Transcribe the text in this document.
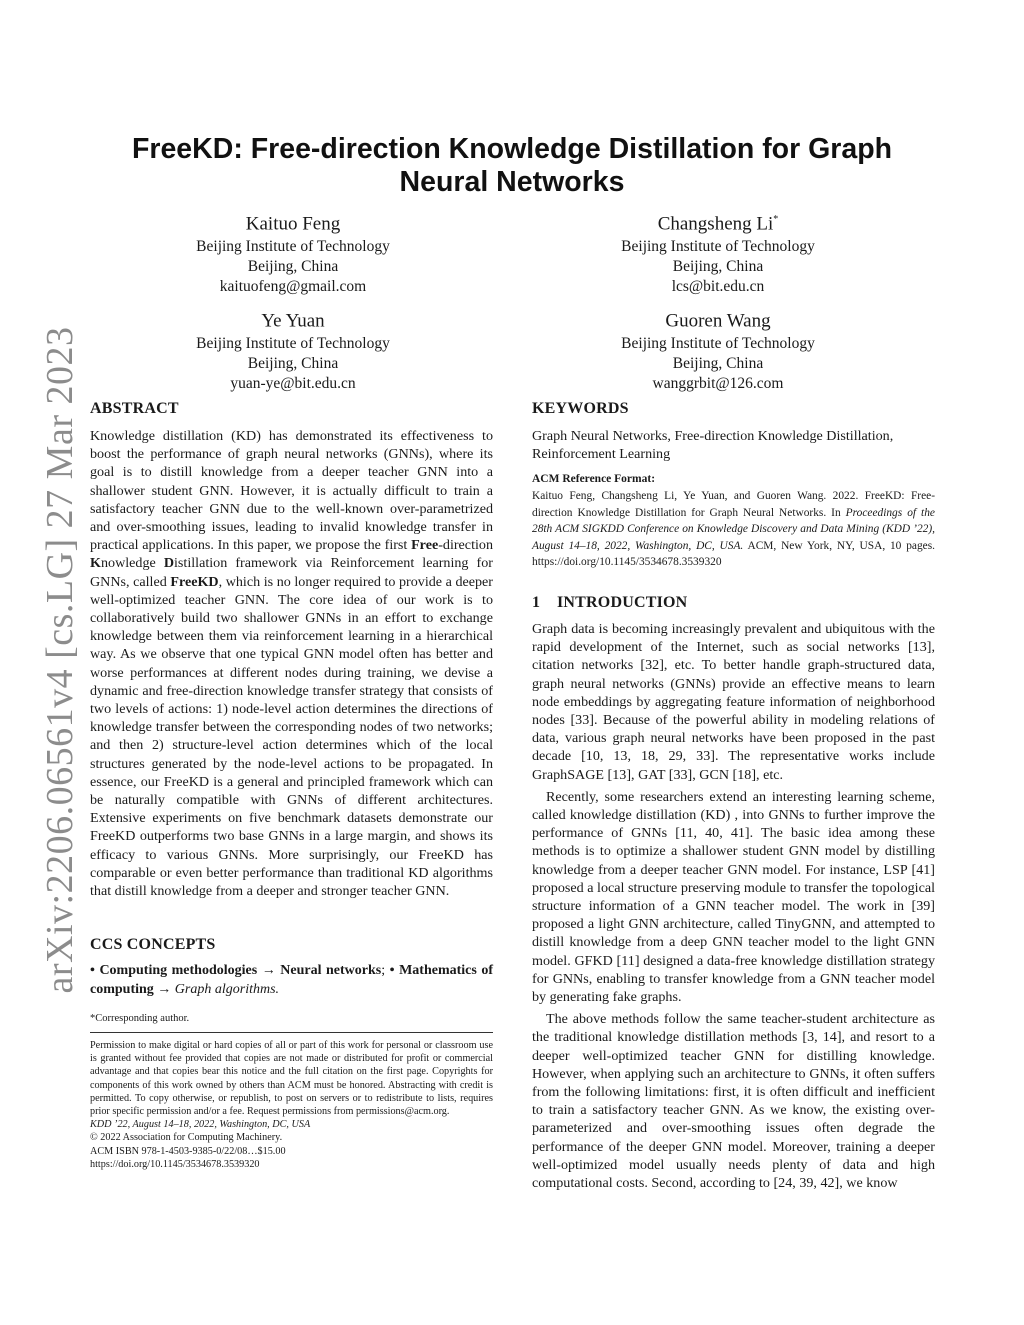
arXiv:2206.06561v4 [cs.LG] 27 Mar 2023
FreeKD: Free-direction Knowledge Distillation for Graph Neural Networks
Kaituo Feng
Beijing Institute of Technology
Beijing, China
kaituofeng@gmail.com
Changsheng Li*
Beijing Institute of Technology
Beijing, China
lcs@bit.edu.cn
Ye Yuan
Beijing Institute of Technology
Beijing, China
yuan-ye@bit.edu.cn
Guoren Wang
Beijing Institute of Technology
Beijing, China
wanggrbit@126.com
ABSTRACT

Knowledge distillation (KD) has demonstrated its effectiveness to boost the performance of graph neural networks (GNNs), where its goal is to distill knowledge from a deeper teacher GNN into a shallower student GNN. However, it is actually difficult to train a satisfactory teacher GNN due to the well-known over-parametrized and over-smoothing issues, leading to invalid knowledge transfer in practical applications. In this paper, we propose the first Free-direction Knowledge Distillation framework via Reinforcement learning for GNNs, called FreeKD, which is no longer required to provide a deeper well-optimized teacher GNN. The core idea of our work is to collaboratively build two shallower GNNs in an effort to exchange knowledge between them via reinforcement learning in a hierarchical way. As we observe that one typical GNN model often has better and worse performances at different nodes during training, we devise a dynamic and free-direction knowledge transfer strategy that consists of two levels of actions: 1) node-level action determines the directions of knowledge transfer between the corresponding nodes of two networks; and then 2) structure-level action determines which of the local structures generated by the node-level actions to be propagated. In essence, our FreeKD is a general and principled framework which can be naturally compatible with GNNs of different architectures. Extensive experiments on five benchmark datasets demonstrate our FreeKD outperforms two base GNNs in a large margin, and shows its efficacy to various GNNs. More surprisingly, our FreeKD has comparable or even better performance than traditional KD algorithms that distill knowledge from a deeper and stronger teacher GNN.

CCS CONCEPTS

• Computing methodologies → Neural networks; • Mathematics of computing → Graph algorithms.

*Corresponding author.

Permission to make digital or hard copies of all or part of this work for personal or classroom use is granted without fee provided that copies are not made or distributed for profit or commercial advantage and that copies bear this notice and the full citation on the first page. Copyrights for components of this work owned by others than ACM must be honored. Abstracting with credit is permitted. To copy otherwise, or republish, to post on servers or to redistribute to lists, requires prior specific permission and/or a fee. Request permissions from permissions@acm.org.

KDD ’22, August 14–18, 2022, Washington, DC, USA

© 2022 Association for Computing Machinery.

ACM ISBN 978-1-4503-9385-0/22/08…$15.00

https://doi.org/10.1145/3534678.3539320

KEYWORDS

Graph Neural Networks, Free-direction Knowledge Distillation, Reinforcement Learning

ACM Reference Format:

Kaituo Feng, Changsheng Li, Ye Yuan, and Guoren Wang. 2022. FreeKD: Free-direction Knowledge Distillation for Graph Neural Networks. In Proceedings of the 28th ACM SIGKDD Conference on Knowledge Discovery and Data Mining (KDD ’22), August 14–18, 2022, Washington, DC, USA. ACM, New York, NY, USA, 10 pages. https://doi.org/10.1145/3534678.3539320

1    INTRODUCTION

Graph data is becoming increasingly prevalent and ubiquitous with the rapid development of the Internet, such as social networks [13], citation networks [32], etc. To better handle graph-structured data, graph neural networks (GNNs) provide an effective means to learn node embeddings by aggregating feature information of neighborhood nodes [33]. Because of the powerful ability in modeling relations of data, various graph neural networks have been proposed in the past decade [10, 13, 18, 29, 33]. The representative works include GraphSAGE [13], GAT [33], GCN [18], etc.

Recently, some researchers extend an interesting learning scheme, called knowledge distillation (KD) , into GNNs to further improve the performance of GNNs [11, 40, 41]. The basic idea among these methods is to optimize a shallower student GNN model by distilling knowledge from a deeper teacher GNN model. For instance, LSP [41] proposed a local structure preserving module to transfer the topological structure information of a GNN teacher model. The work in [39] proposed a light GNN architecture, called TinyGNN, and attempted to distill knowledge from a deep GNN teacher model to the light GNN model. GFKD [11] designed a data-free knowledge distillation strategy for GNNs, enabling to transfer knowledge from a GNN teacher model by generating fake graphs.

The above methods follow the same teacher-student architecture as the traditional knowledge distillation methods [3, 14], and resort to a deeper well-optimized teacher GNN for distilling knowledge. However, when applying such an architecture to GNNs, it often suffers from the following limitations: first, it is often difficult and inefficient to train a satisfactory teacher GNN. As we know, the existing over-parameterized and over-smoothing issues often degrade the performance of the deeper GNN model. Moreover, training a deeper well-optimized model usually needs plenty of data and high computational costs. Second, according to [24, 39, 42], we know
